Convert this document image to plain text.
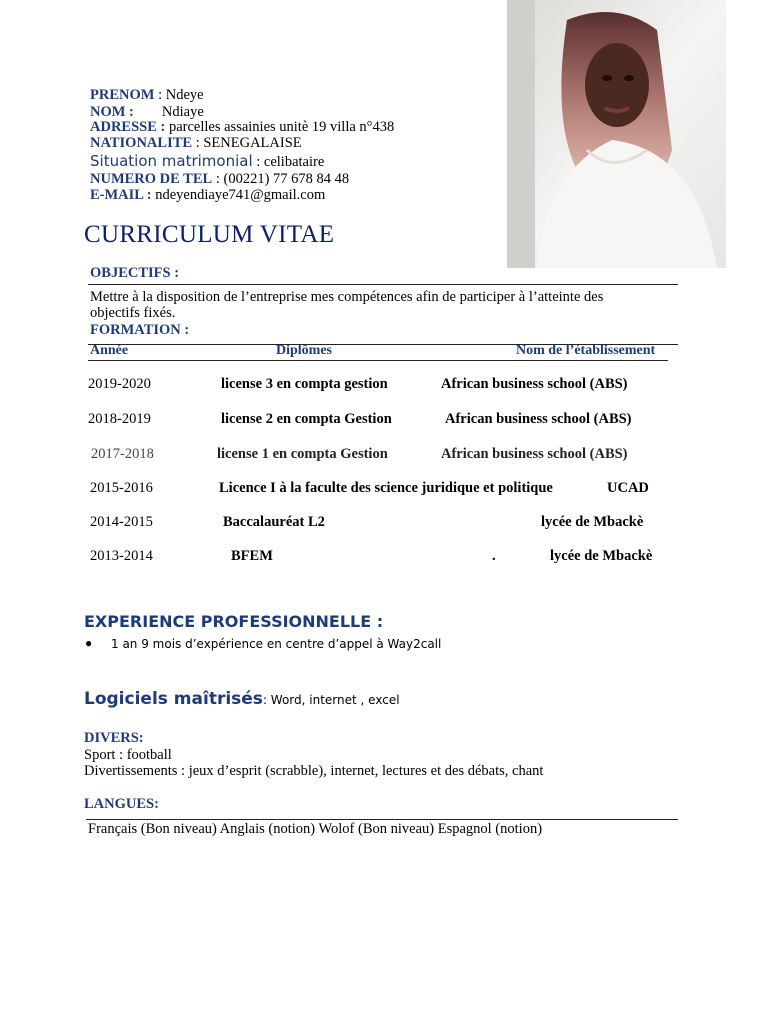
PRENOM : Ndeye
NOM : Ndiaye
ADRESSE : parcelles assainies unitè 19 villa n°438
NATIONALITE : SENEGALAISE
Situation matrimonial : celibataire
NUMERO DE TEL : (00221) 77 678 84 48
E-MAIL : ndeyendiaye741@gmail.com
CURRICULUM VITAE
OBJECTIFS :
Mettre à la disposition de l’entreprise mes compétences afin de participer à l’atteinte des
objectifs fixés.
FORMATION :
Année	Diplômes	Nom de l’établissement
2019-2020	license 3 en compta gestion	African business school (ABS)
2018-2019	license 2 en compta Gestion	African business school (ABS)
2017-2018	license 1 en compta Gestion	African business school (ABS)
2015-2016	Licence I à la faculte des science juridique et politique	UCAD
2014-2015	Baccalauréat L2	lycée de Mbackè
2013-2014	BFEM	.	lycée de Mbackè
EXPERIENCE PROFESSIONNELLE :
● 1 an 9 mois d’expérience en centre d’appel à Way2call
Logiciels maîtrisés: Word, internet , excel
DIVERS:
Sport : football
Divertissements : jeux d’esprit (scrabble), internet, lectures et des débats, chant
LANGUES:
Français (Bon niveau) Anglais (notion) Wolof (Bon niveau) Espagnol (notion)
